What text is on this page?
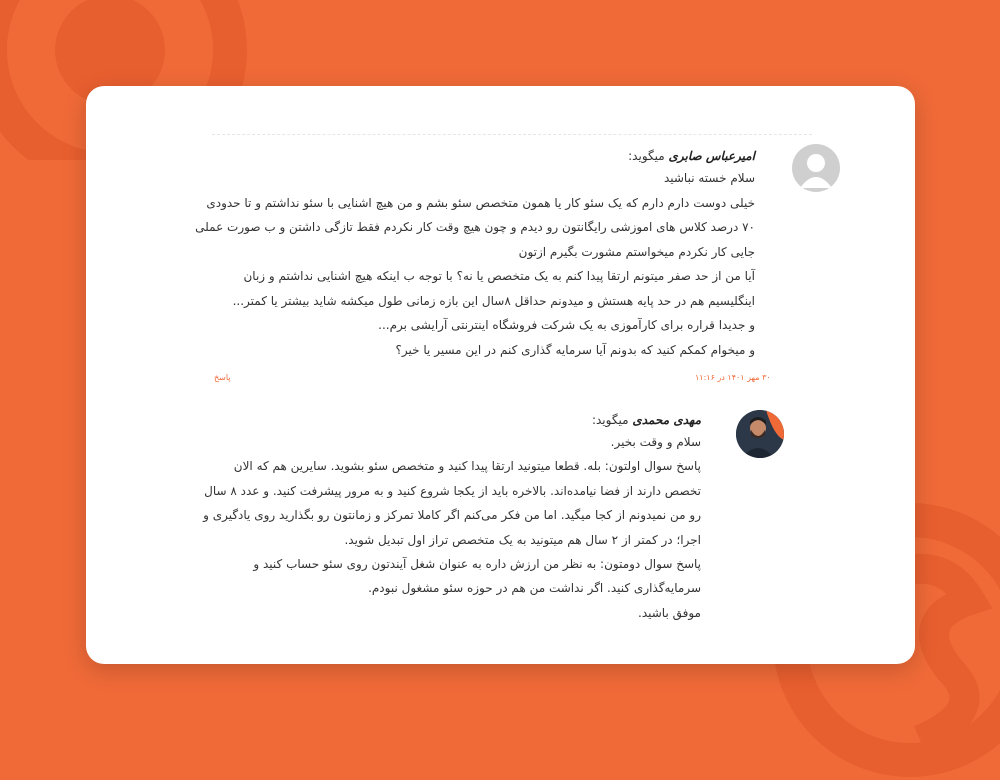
امیرعباس صابری میگوید:
سلام خسته نباشید
خیلی دوست دارم دارم که یک سئو کار یا همون متخصص سئو بشم و من هیچ اشنایی با سئو نداشتم و تا حدودی
۷۰ درصد کلاس های اموزشی رایگانتون رو دیدم و چون هیچ وقت کار نکردم فقط تازگی داشتن و ب صورت عملی
جایی کار نکردم میخواستم مشورت بگیرم ازتون
آیا من از حد صفر میتونم ارتقا پیدا کنم به یک متخصص یا نه؟ با توجه ب اینکه هیچ اشنایی نداشتم و زبان
اینگلیسیم هم در حد پایه هستش و میدونم حداقل ۸سال این بازه زمانی طول میکشه شاید بیشتر یا کمتر...
و جدیدا قراره برای کارآموزی به یک شرکت فروشگاه اینترنتی آرایشی برم...
و میخوام کمکم کنید که بدونم آیا سرمایه گذاری کنم در این مسیر یا خیر؟
۳۰ مهر ۱۴۰۱ در ۱۱:۱۶
پاسخ
مهدی محمدی میگوید:
سلام و وقت بخیر.
پاسخ سوال اولتون: بله. قطعا میتونید ارتقا پیدا کنید و متخصص سئو بشوید. سایرین هم که الان
تخصص دارند از فضا نیامده‌اند. بالاخره باید از یکجا شروع کنید و به مرور پیشرفت کنید. و عدد ۸ سال
رو من نمیدونم از کجا میگید. اما من فکر می‌کنم اگر کاملا تمرکز و زمانتون رو بگذارید روی یادگیری و
اجرا؛ در کمتر از ۲ سال هم میتونید به یک متخصص تراز اول تبدیل شوید.
پاسخ سوال دومتون: به نظر من ارزش داره به عنوان شغل آیندتون روی سئو حساب کنید و
سرمایه‌گذاری کنید. اگر نداشت من هم در حوزه سئو مشغول نبودم.
موفق باشید.
